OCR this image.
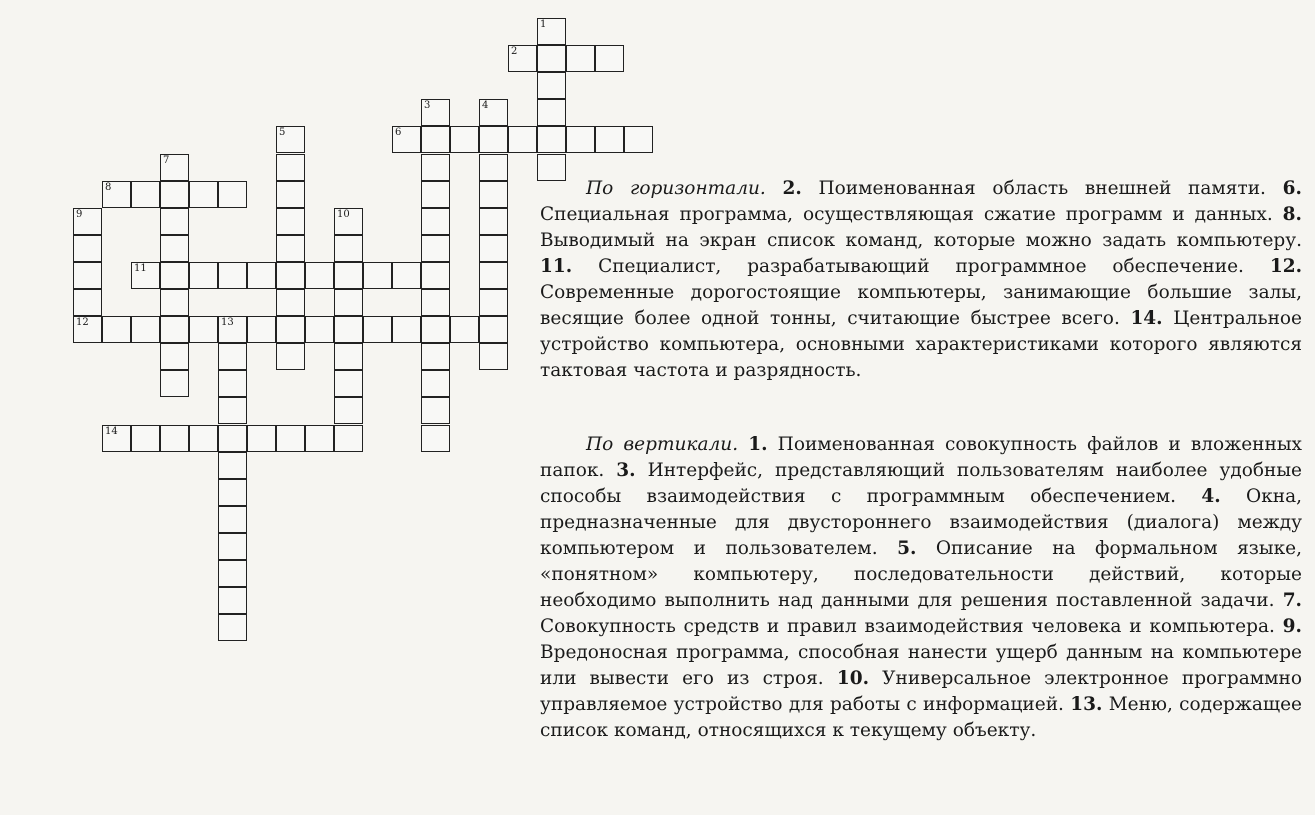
1
2
3	4
5	6
7
8
9
12
10
11
13
14

По горизонтали. 2. Поименованная область внешней памяти. 6. Специальная программа, осуществляющая сжатие программ и данных. 8. Выводимый на экран список команд, которые можно задать компьютеру. 11. Специалист, разрабатывающий программное обеспечение. 12. Современные дорогостоящие компьютеры, занимающие большие залы, весящие более одной тонны, считающие быстрее всего. 14. Центральное устройство компьютера, основными характеристиками которого являются тактовая частота и разрядность.

По вертикали. 1. Поименованная совокупность файлов и вложенных папок. 3. Интерфейс, представляющий пользователям наиболее удобные способы взаимодействия с программным обеспечением. 4. Окна, предназначенные для двустороннего взаимодействия (диалога) между компьютером и пользователем. 5. Описание на формальном языке, «понятном» компьютеру, последовательности действий, которые необходимо выполнить над данными для решения поставленной задачи. 7. Совокупность средств и правил взаимодействия человека и компьютера. 9. Вредоносная программа, способная нанести ущерб данным на компьютере или вывести его из строя. 10. Универсальное электронное программно управляемое устройство для работы с информацией. 13. Меню, содержащее список команд, относящихся к текущему объекту.
